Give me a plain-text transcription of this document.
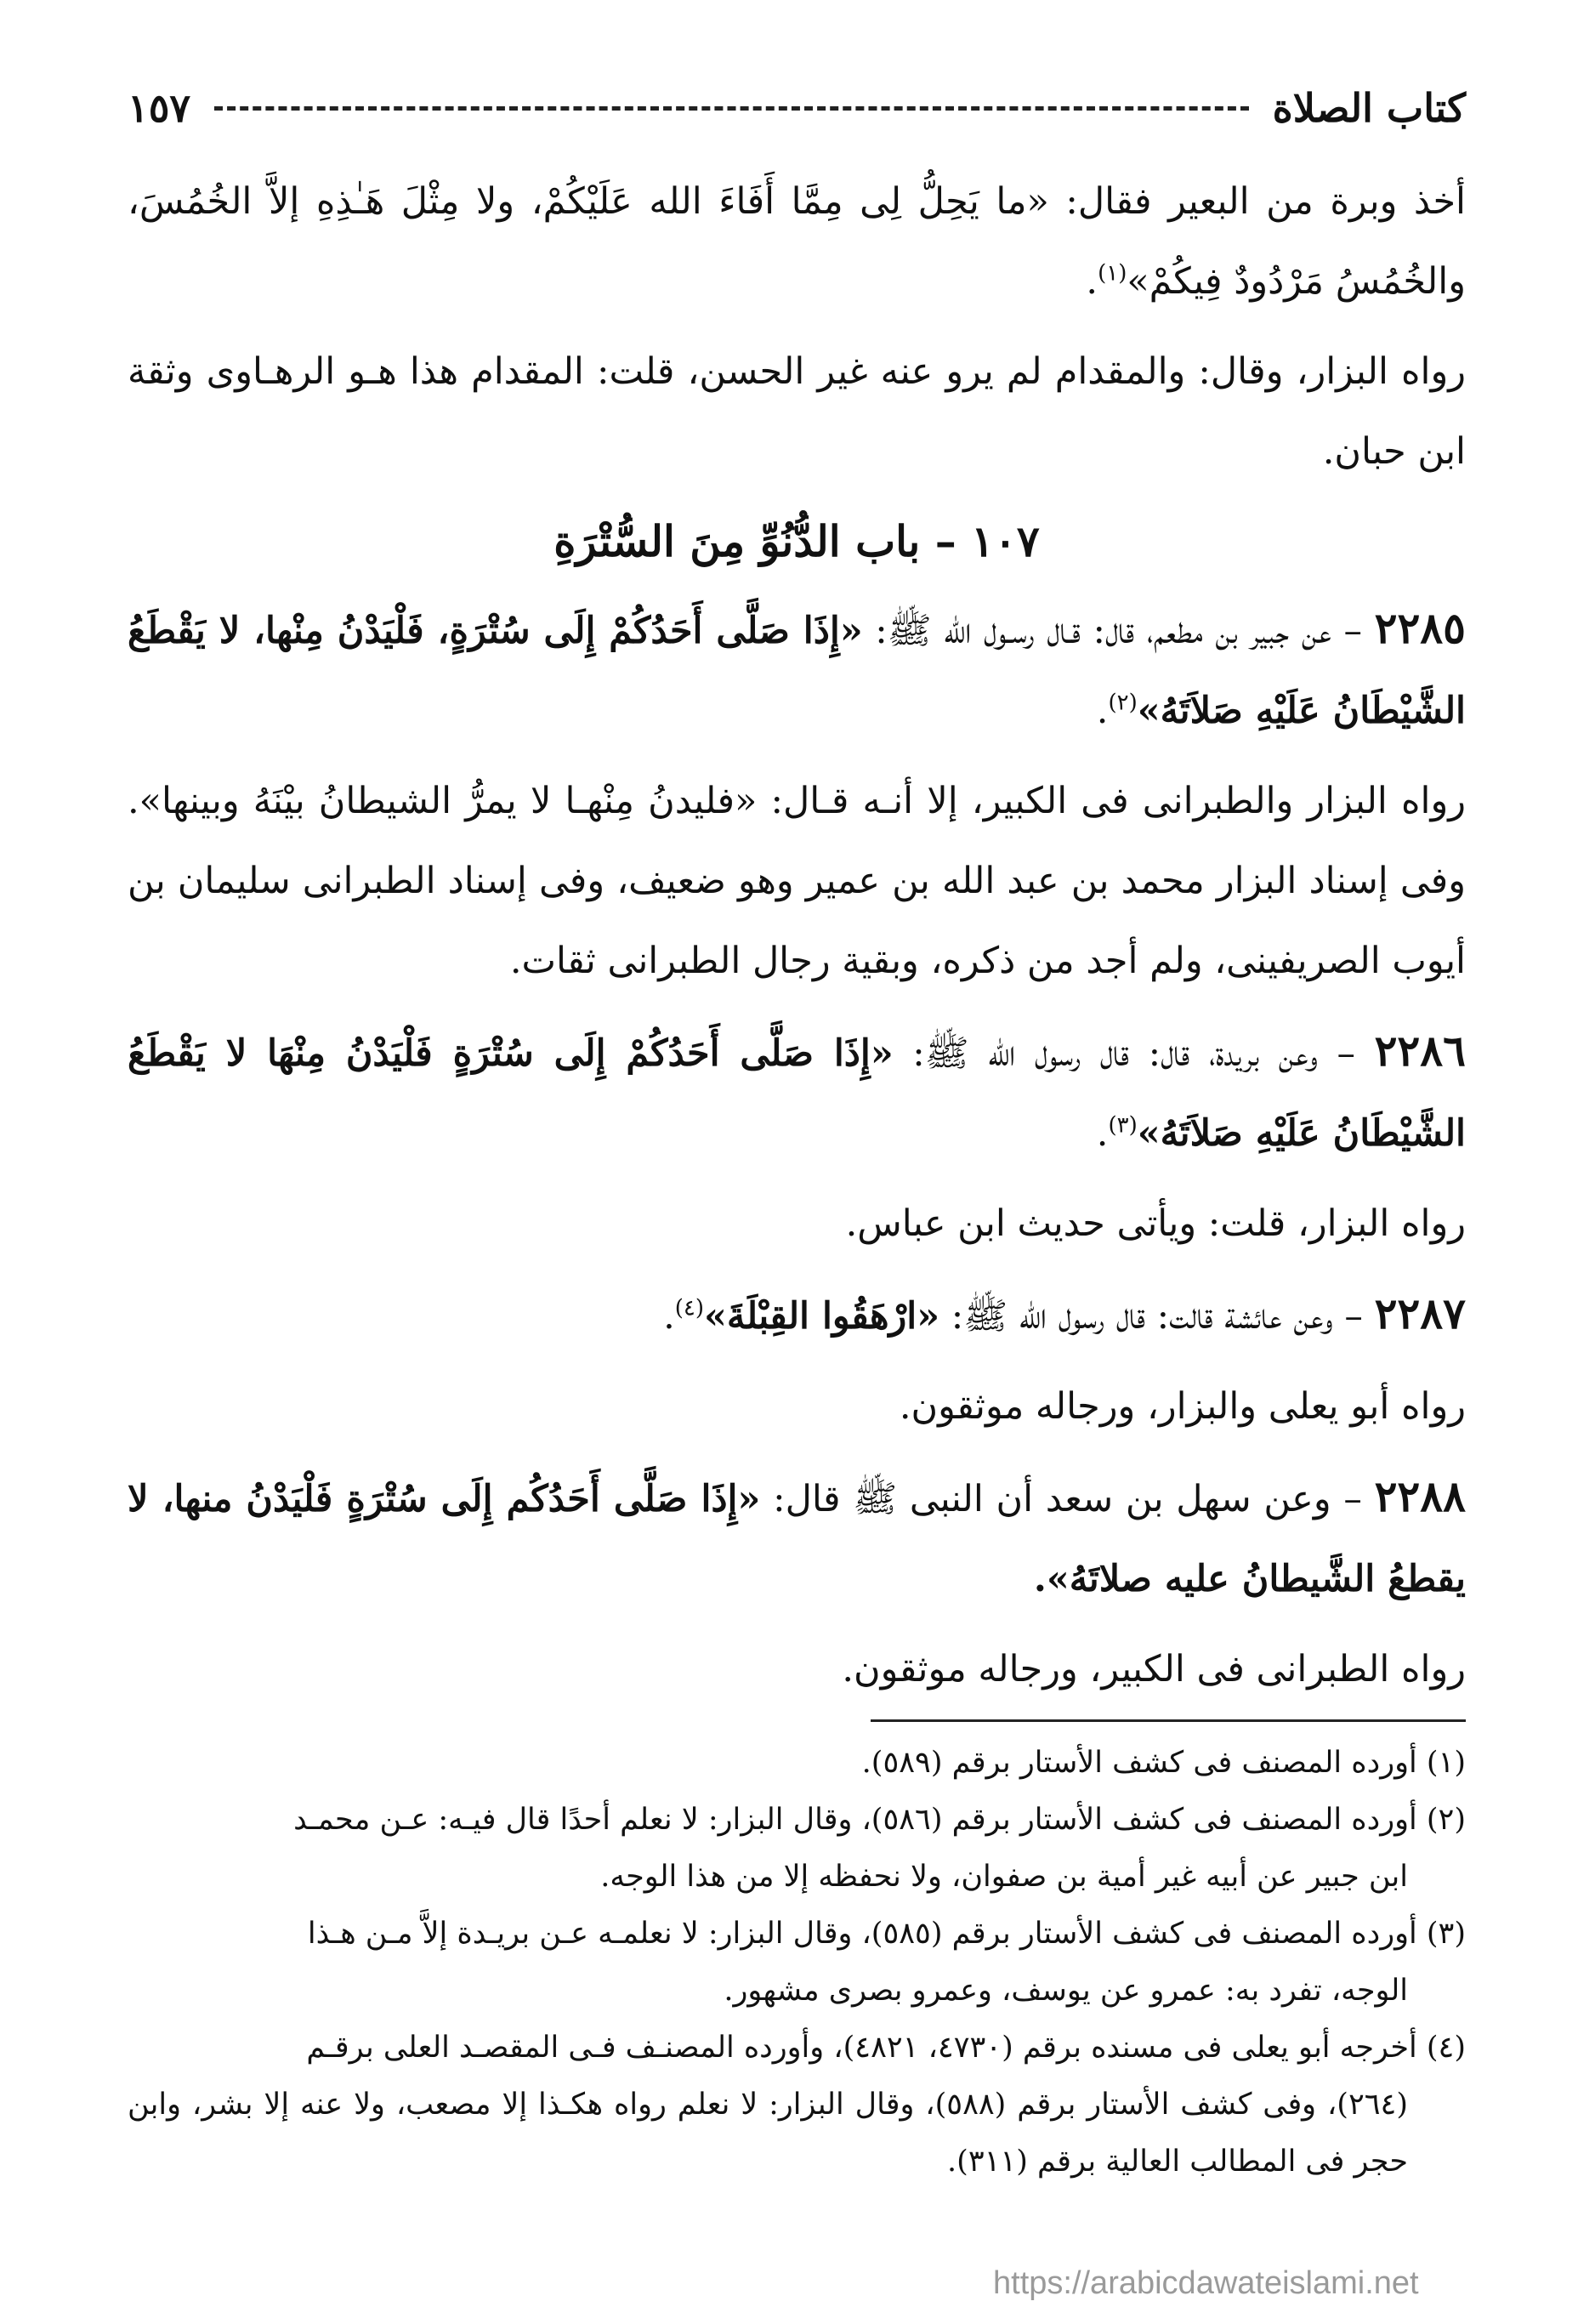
كتاب الصلاة
١٥٧

أخذ وبرة من البعير فقال: «ما يَحِلُّ لِى مِمَّا أَفَاءَ الله عَلَيْكُمْ، ولا مِثْلَ هَـٰذِهِ إلاَّ الخُمُسَ، والخُمُسُ مَرْدُودٌ فِيكُمْ»$^{(١)}$.

رواه البزار، وقال: والمقدام لم يرو عنه غير الحسن، قلت: المقدام هذا هـو الرهـاوى وثقة ابن حبان.

١٠٧ – باب الدُّنُوِّ مِنَ السُّتْرَةِ

٢٢٨٥ – عن جبير بن مطعم، قال: قـال رسـول الله ﷺ: «إِذَا صَلَّى أَحَدُكُمْ إِلَى سُتْرَةٍ، فَلْيَدْنُ مِنْها، لا يَقْطَعُ الشَّيْطَانُ عَلَيْهِ صَلاَتَهُ»$^{(٢)}$.

رواه البزار والطبرانى فى الكبير، إلا أنـه قـال: «فليدنُ مِنْهـا لا يمرُّ الشيطانُ بيْنَهُ وبينها». وفى إسناد البزار محمد بن عبد الله بن عمير وهو ضعيف، وفى إسناد الطبرانى سليمان بن أيوب الصريفينى، ولم أجد من ذكره، وبقية رجال الطبرانى ثقات.

٢٢٨٦ – وعن بريدة، قال: قال رسول الله ﷺ: «إِذَا صَلَّى أَحَدُكُمْ إِلَى سُتْرَةٍ فَلْيَدْنُ مِنْهَا لا يَقْطَعُ الشَّيْطَانُ عَلَيْهِ صَلاَتَهُ»$^{(٣)}$.

رواه البزار، قلت: ويأتى حديث ابن عباس.

٢٢٨٧ – وعن عائشة قالت: قال رسول الله ﷺ: «ارْهَقُوا القِبْلَةَ»$^{(٤)}$.

رواه أبو يعلى والبزار، ورجاله موثقون.

٢٢٨٨ – وعن سهل بن سعد أن النبى ﷺ قال: «إِذَا صَلَّى أَحَدُكُم إِلَى سُتْرَةٍ فَلْيَدْنُ منها، لا يقطعُ الشَّيطانُ عليه صلاتَهُ».

رواه الطبرانى فى الكبير، ورجاله موثقون.

(١) أورده المصنف فى كشف الأستار برقم (٥٨٩).

(٢) أورده المصنف فى كشف الأستار برقم (٥٨٦)، وقال البزار: لا نعلم أحدًا قال فيـه: عـن محمـد
ابن جبير عن أبيه غير أمية بن صفوان، ولا نحفظه إلا من هذا الوجه.

(٣) أورده المصنف فى كشف الأستار برقم (٥٨٥)، وقال البزار: لا نعلمـه عـن بريـدة إلاَّ مـن هـذا
الوجه، تفرد به: عمرو عن يوسف، وعمرو بصرى مشهور.

(٤) أخرجه أبو يعلى فى مسنده برقم (٤٧٣٠، ٤٨٢١)، وأورده المصنـف فـى المقصـد العلى برقـم
(٢٦٤)، وفى كشف الأستار برقم (٥٨٨)، وقال البزار: لا نعلم رواه هكـذا إلا مصعب، ولا عنه إلا بشر، وابن حجر فى المطالب العالية برقم (٣١١).

https://arabicdawateislami.net
